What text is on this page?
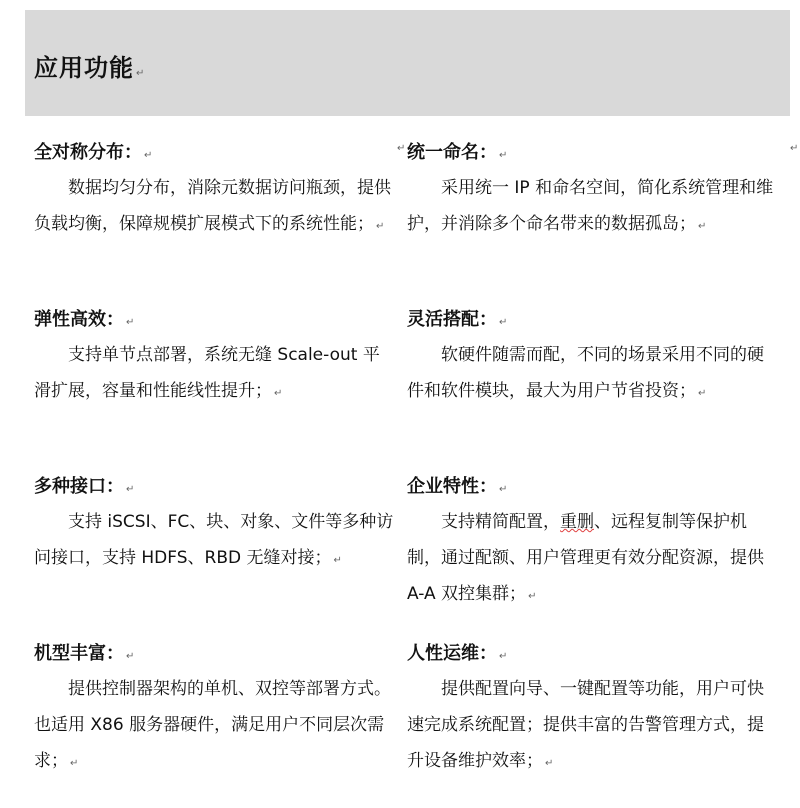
应用功能 ↵
↵	↵
全对称分布： ↵
数据均匀分布，消除元数据访问瓶颈，提供负载均衡，保障规模扩展模式下的系统性能； ↵
弹性高效： ↵
支持单节点部署，系统无缝 Scale-out 平滑扩展，容量和性能线性提升； ↵
多种接口： ↵
支持 iSCSI、FC、块、对象、文件等多种访问接口，支持 HDFS、RBD 无缝对接； ↵
机型丰富： ↵
提供控制器架构的单机、双控等部署方式。也适用 X86 服务器硬件，满足用户不同层次需求； ↵
统一命名： ↵
采用统一 IP 和命名空间，简化系统管理和维护，并消除多个命名带来的数据孤岛； ↵
灵活搭配： ↵
软硬件随需而配，不同的场景采用不同的硬件和软件模块，最大为用户节省投资； ↵
企业特性： ↵
支持精简配置，重删、远程复制等保护机制，通过配额、用户管理更有效分配资源，提供 A-A 双控集群； ↵
人性运维： ↵
提供配置向导、一键配置等功能，用户可快速完成系统配置；提供丰富的告警管理方式，提升设备维护效率； ↵
